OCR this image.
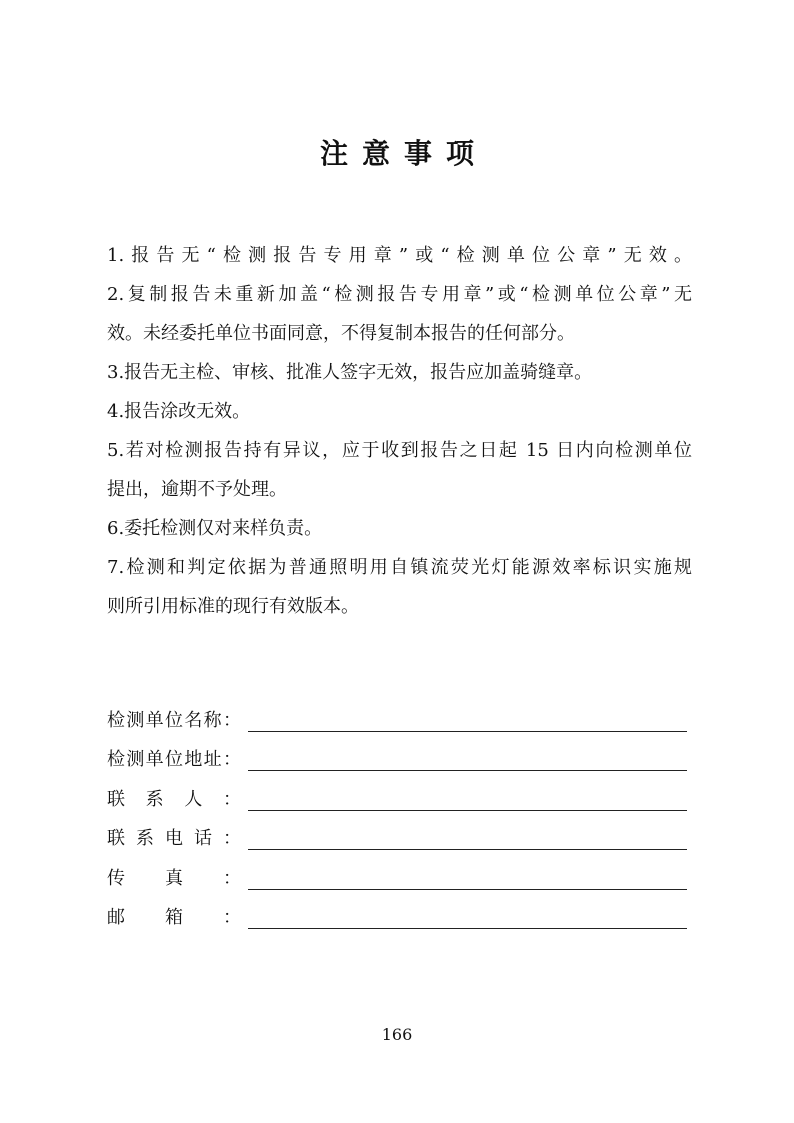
注意事项
1.报告无“检测报告专用章”或“检测单位公章”无效。
2.复制报告未重新加盖“检测报告专用章”或“检测单位公章”无
效。未经委托单位书面同意，不得复制本报告的任何部分。
3.报告无主检、审核、批准人签字无效，报告应加盖骑缝章。
4.报告涂改无效。
5.若对检测报告持有异议，应于收到报告之日起 15 日内向检测单位
提出，逾期不予处理。
6.委托检测仅对来样负责。
7.检测和判定依据为普通照明用自镇流荧光灯能源效率标识实施规
则所引用标准的现行有效版本。
检 测 单 位 名 称 ：
检 测 单 位 地 址 ：
联 系 人 ：
联 系 电 话 ：
传 真 ：
邮 箱 ：
166
